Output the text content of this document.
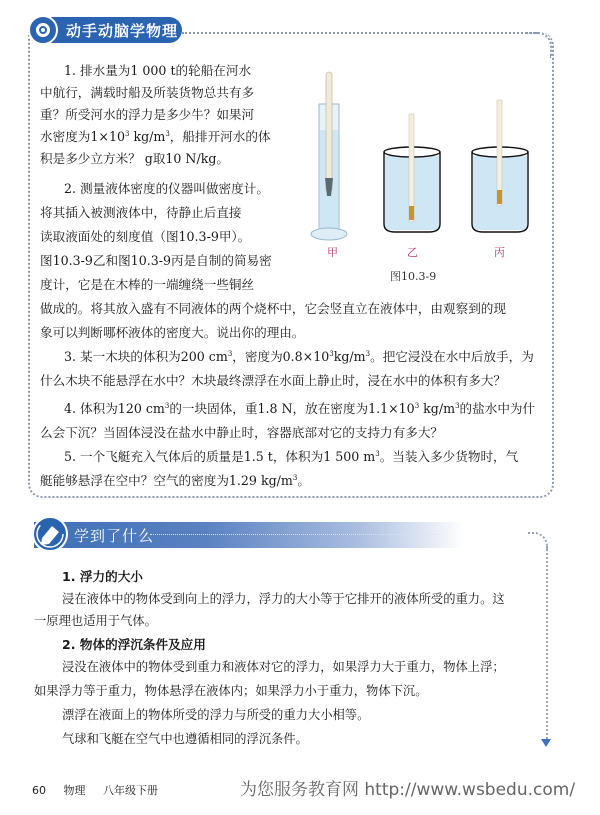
动手动脑学物理
1. 排水量为1 000 t的轮船在河水
中航行，满载时船及所装货物总共有多
重？所受河水的浮力是多少牛？如果河
水密度为$1\times 10^3$ $kg/m^3$，船排开河水的体
积是多少立方米？ g取10 N/kg。
2. 测量液体密度的仪器叫做密度计。
将其插入被测液体中，待静止后直接
读取液面处的刻度值（图10.3-9甲）。
图10.3-9乙和图10.3-9丙是自制的简易密
度计，它是在木棒的一端缠绕一些铜丝
做成的。将其放入盛有不同液体的两个烧杯中，它会竖直立在液体中，由观察到的现
象可以判断哪杯液体的密度大。说出你的理由。
3. 某一木块的体积为200 $cm^3$，密度为$0.8\times 10^3kg/m^3$。把它浸没在水中后放手，为
什么木块不能悬浮在水中？木块最终漂浮在水面上静止时，浸在水中的体积有多大？
4. 体积为120 $cm^3$的一块固体，重1.8 N，放在密度为$1.1\times 10^3$ $kg/m^3$的盐水中为什
么会下沉？当固体浸没在盐水中静止时，容器底部对它的支持力有多大？
5. 一个飞艇充入气体后的质量是1.5 t，体积为1 500 $m^3$。当装入多少货物时，气
艇能够悬浮在空中？空气的密度为1.29 $kg/m^3$。
甲	乙	丙
图10.3-9
学到了什么
1. 浮力的大小
浸在液体中的物体受到向上的浮力，浮力的大小等于它排开的液体所受的重力。这
一原理也适用于气体。
2. 物体的浮沉条件及应用
浸没在液体中的物体受到重力和液体对它的浮力，如果浮力大于重力，物体上浮；
如果浮力等于重力，物体悬浮在液体内；如果浮力小于重力，物体下沉。
漂浮在液面上的物体所受的浮力与所受的重力大小相等。
气球和飞艇在空气中也遵循相同的浮沉条件。
60 物理 八年级下册	为您服务教育网 http://www.wsbedu.com/
